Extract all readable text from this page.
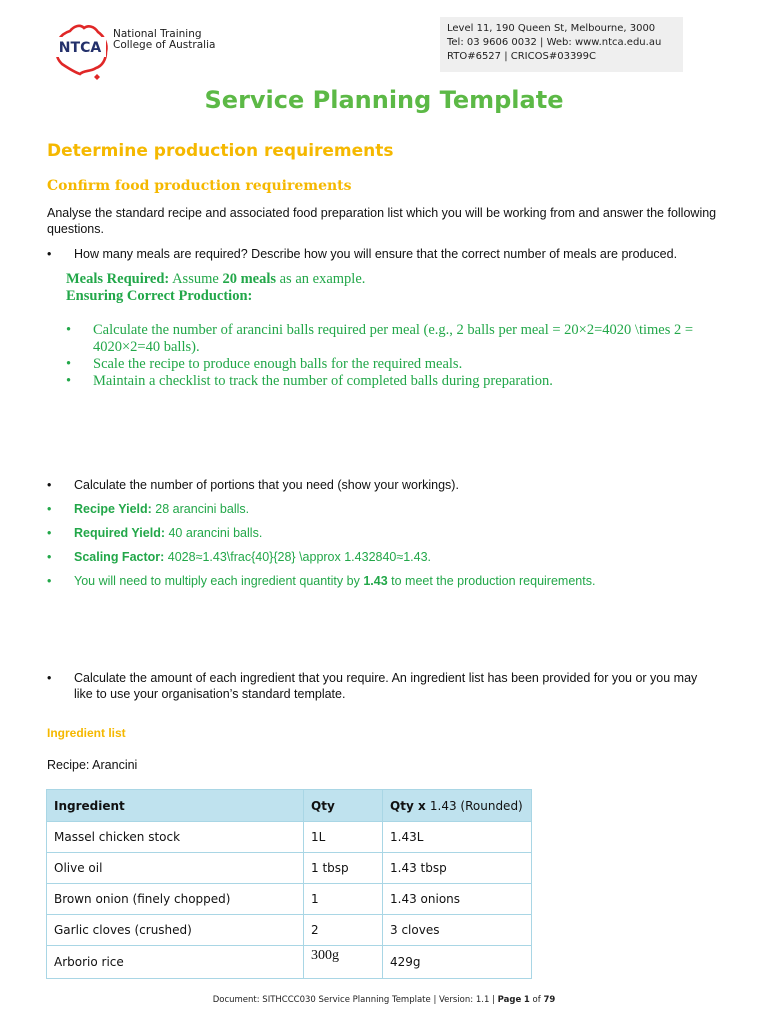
NTCA
National Training
College of Australia
Level 11, 190 Queen St, Melbourne, 3000
Tel: 03 9606 0032 | Web: www.ntca.edu.au
RTO#6527 | CRICOS#03399C
Service Planning Template
Determine production requirements
Confirm food production requirements
Analyse the standard recipe and associated food preparation list which you will be working from and answer the following questions.
• How many meals are required? Describe how you will ensure that the correct number of meals are produced.
Meals Required: Assume 20 meals as an example.
Ensuring Correct Production:
• Calculate the number of arancini balls required per meal (e.g., 2 balls per meal = 20×2=4020 \times 2 = 4020×2=40 balls).
• Scale the recipe to produce enough balls for the required meals.
• Maintain a checklist to track the number of completed balls during preparation.
• Calculate the number of portions that you need (show your workings).
• Recipe Yield: 28 arancini balls.
• Required Yield: 40 arancini balls.
• Scaling Factor: 4028≈1.43\frac{40}{28} \approx 1.432840≈1.43.
• You will need to multiply each ingredient quantity by 1.43 to meet the production requirements.
• Calculate the amount of each ingredient that you require. An ingredient list has been provided for you or you may
like to use your organisation’s standard template.
Ingredient list
Recipe: Arancini
Ingredient	Qty	Qty x 1.43 (Rounded)
Massel chicken stock	1L	1.43L
Olive oil	1 tbsp	1.43 tbsp
Brown onion (finely chopped)	1	1.43 onions
Garlic cloves (crushed)	2	3 cloves
Arborio rice	300g	429g
Document: SITHCCC030 Service Planning Template | Version: 1.1 | Page 1 of 79
